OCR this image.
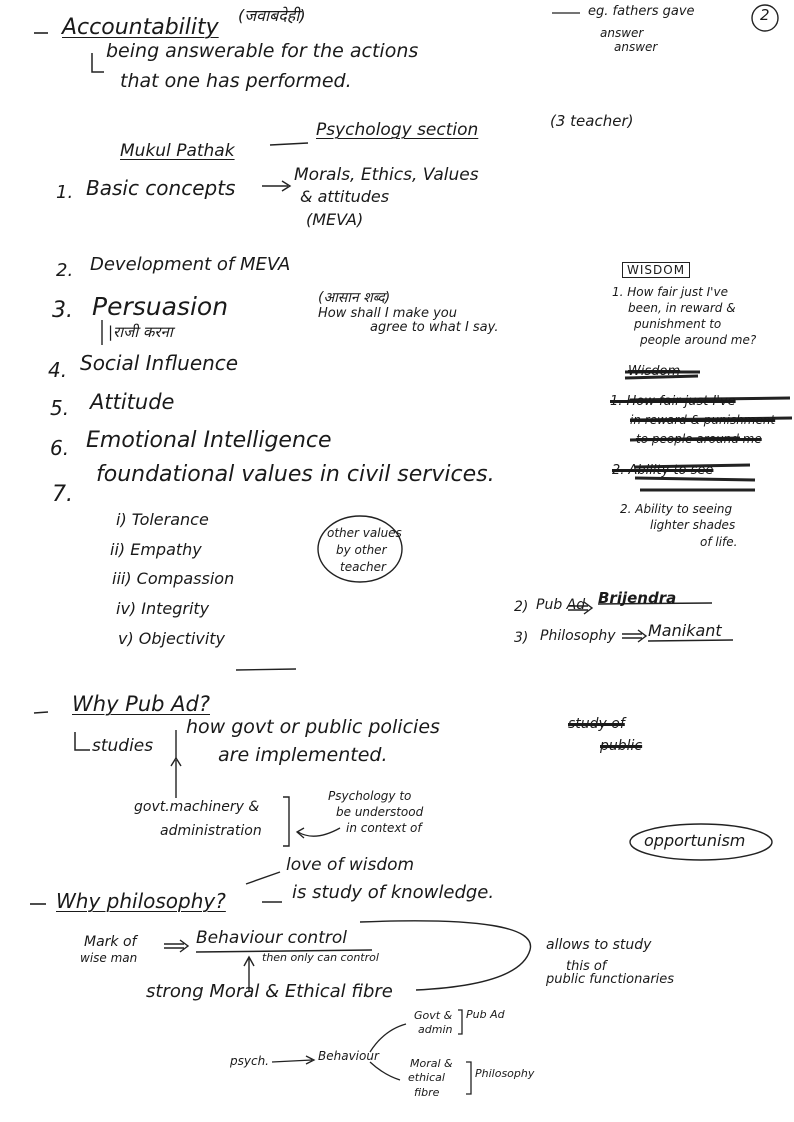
2
Accountability (जवाबदेही)	eg. fathers gave
answer
answer
being answerable for the actions
that one has performed.
Mukul Pathak
Psychology section	(3 teacher)
1. Basic concepts
Morals, Ethics, Values
& attitudes
(MEVA)
2. Development of MEVA
3. Persuasion
|राजी करना
(आसान शब्द)
How shall I make you
agree to what I say.
4. Social Influence
5. Attitude
6. Emotional Intelligence
7.
foundational values in civil services.
i) Tolerance
ii) Empathy
iii) Compassion
iv) Integrity
v) Objectivity
other values
by other
teacher
WISDOM
1. How fair just I've
been, in reward &
punishment to
people around me?
Wisdom
1. How fair just I've
in reward & punishment
to people around me
2. Ability to see
2. Ability to seeing
lighter shades
of life.
2) Pub Ad Brijendra
3) Philosophy Manikant
Why Pub Ad?
studies
how govt or public policies
are implemented.
govt.machinery &
administration
Psychology to
be understood
in context of
study of
public
opportunism
Why philosophy?
love of wisdom
is study of knowledge.
Mark of
wise man
Behaviour control
then only can control
strong Moral & Ethical fibre
allows to study
this of
public functionaries
psych.	Behaviour
Govt &
admin
Pub Ad
Moral &
ethical
fibre
Philosophy
